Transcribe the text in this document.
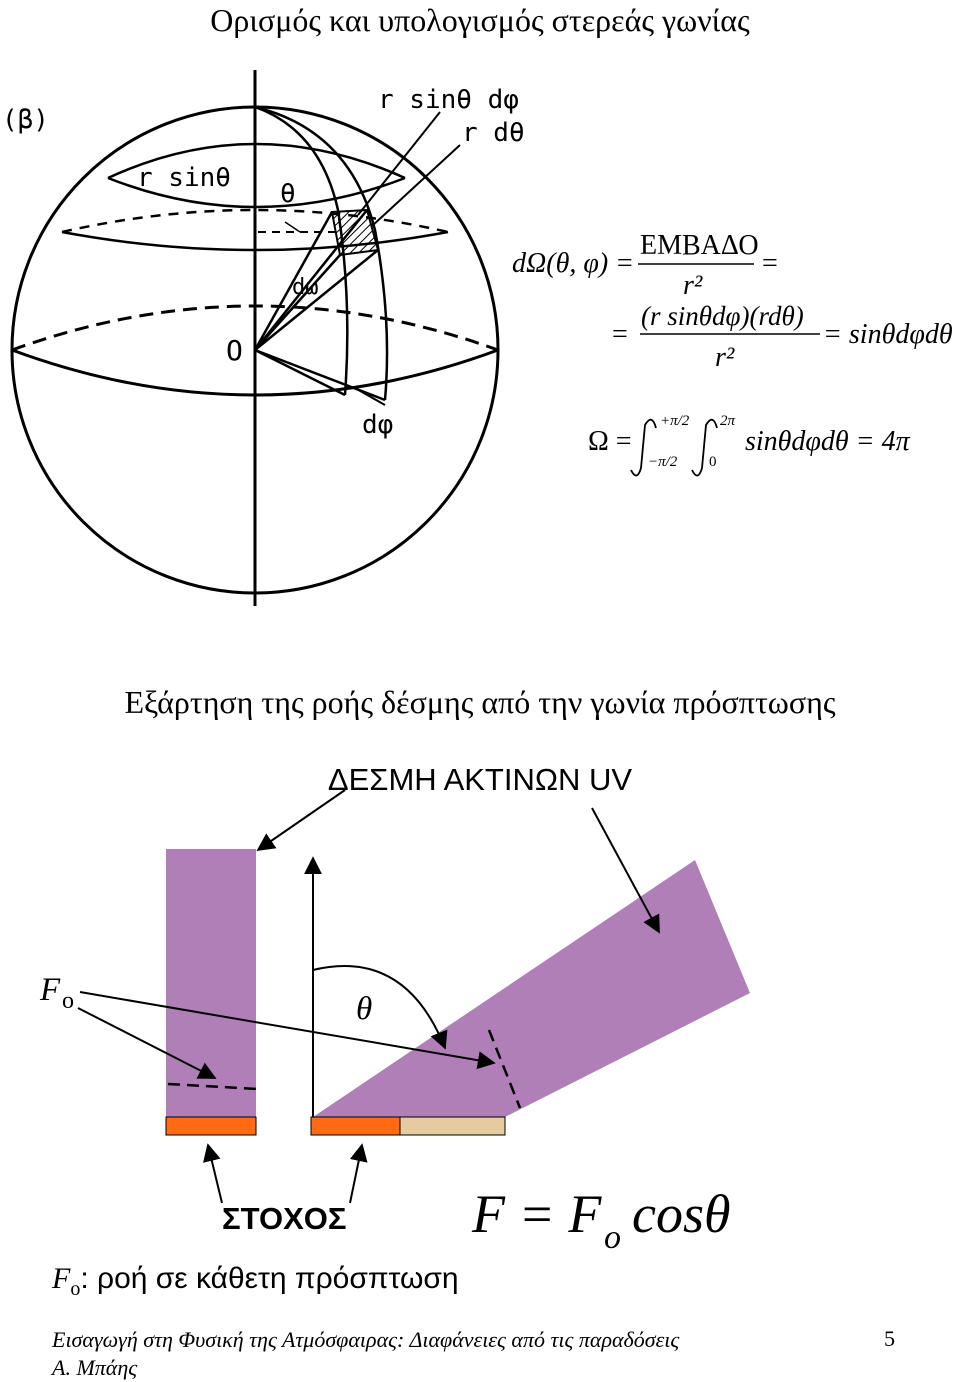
Ορισμός και υπολογισμός στερεάς γωνίας
(β)
r sinθ dφ
r dθ
r sinθ
θ
dω
O
dφ
dΩ(θ, φ) =
ΕΜΒΑΔΟ
r²
=
=
(r sinθdφ)(rdθ)
r²
= sinθdφdθ
Ω =
+π/2
−π/2
2π
0
sinθdφdθ = 4π
F o	θ
F = F o cosθ
Εξάρτηση της ροής δέσμης από την γωνία πρόσπτωσης
ΔΕΣΜΗ ΑΚΤΙΝΩΝ UV
ΣΤΟΧΟΣ
$F_o$: ροή σε κάθετη πρόσπτωση
Εισαγωγή στη Φυσική της Ατμόσφαιρας: Διαφάνειες από τις παραδόσεις
Α. Μπάης
5
